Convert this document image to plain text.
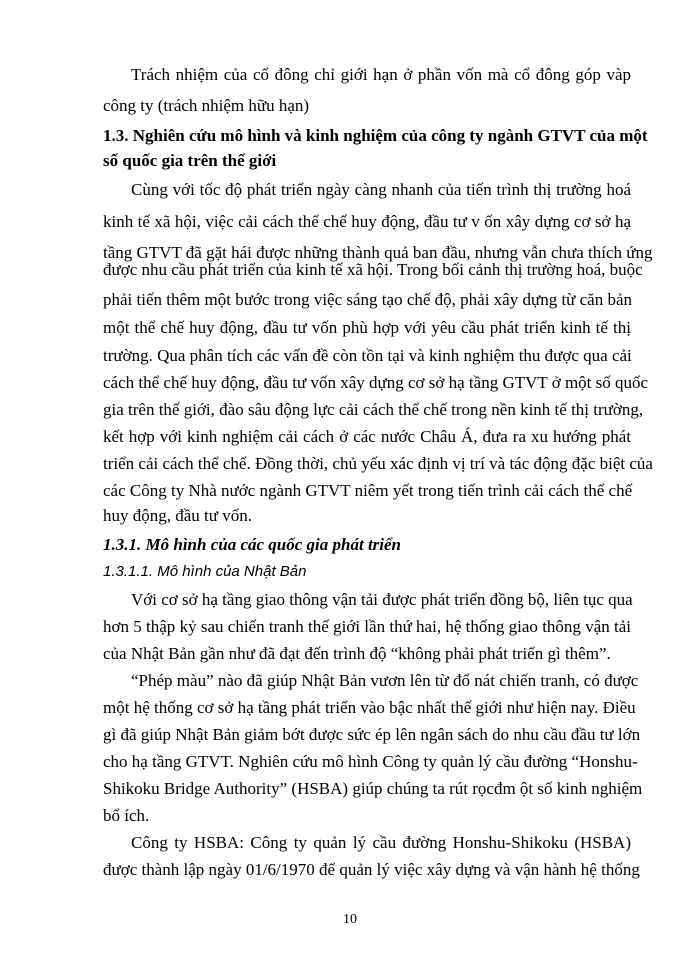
Trách nhiệm của cổ đông chỉ giới hạn ở phần vốn mà cổ đông góp vàp
công ty (trách nhiệm hữu hạn)
1.3. Nghiên cứu mô hình và kinh nghiệm của công ty ngành GTVT của một
số quốc gia trên thế giới
Cùng với tốc độ phát triển ngày càng nhanh của tiến trình thị trường hoá
kinh tế xã hội, việc cải cách thể chế huy động, đầu tư v ốn xây dựng cơ sở hạ
tầng GTVT đã gặt hái được những thành quả ban đầu, nhưng vẫn chưa thích ứng
được nhu cầu phát triển của kinh tế xã hội. Trong bối cảnh thị trường hoá, buộc
phải tiến thêm một bước trong việc sáng tạo chế độ, phải xây dựng từ căn bản
một thể chế huy động, đầu tư vốn phù hợp với yêu cầu phát triển kinh tế thị
trường. Qua phân tích các vấn đề còn tồn tại và kinh nghiệm thu được qua cải
cách thể chế huy động, đầu tư vốn xây dựng cơ sở hạ tầng GTVT ở một số quốc
gia trên thế giới, đào sâu động lực cải cách thể chế trong nền kinh tế thị trường,
kết hợp với kinh nghiệm cải cách ở các nước Châu Á, đưa ra xu hướng phát
triển cải cách thể chế. Đồng thời, chủ yếu xác định vị trí và tác động đặc biệt của
các Công ty Nhà nước ngành GTVT niêm yết trong tiến trình cải cách thể chế
huy động, đầu tư vốn.
1.3.1. Mô hình của các quốc gia phát triển
1.3.1.1. Mô hình của Nhật Bản
Với cơ sở hạ tầng giao thông vận tải được phát triển đồng bộ, liên tục qua
hơn 5 thập kỷ sau chiến tranh thế giới lần thứ hai, hệ thống giao thông vận tải
của Nhật Bản gần như đã đạt đến trình độ “không phải phát triển gì thêm”.
“Phép màu” nào đã giúp Nhật Bản vươn lên từ đổ nát chiến tranh, có được
một hệ thống cơ sở hạ tầng phát triển vào bậc nhất thế giới như hiện nay. Điều
gì đã giúp Nhật Bản giảm bớt được sức ép lên ngân sách do nhu cầu đầu tư lớn
cho hạ tầng GTVT. Nghiên cứu mô hình Công ty quản lý cầu đường “Honshu-
Shikoku Bridge Authority” (HSBA) giúp chúng ta rút rọcđm ột số kinh nghiệm
bổ ích.
Công ty HSBA: Công ty quản lý cầu đường Honshu-Shikoku (HSBA)
được thành lập ngày 01/6/1970 để quản lý việc xây dựng và vận hành hệ thống
10
